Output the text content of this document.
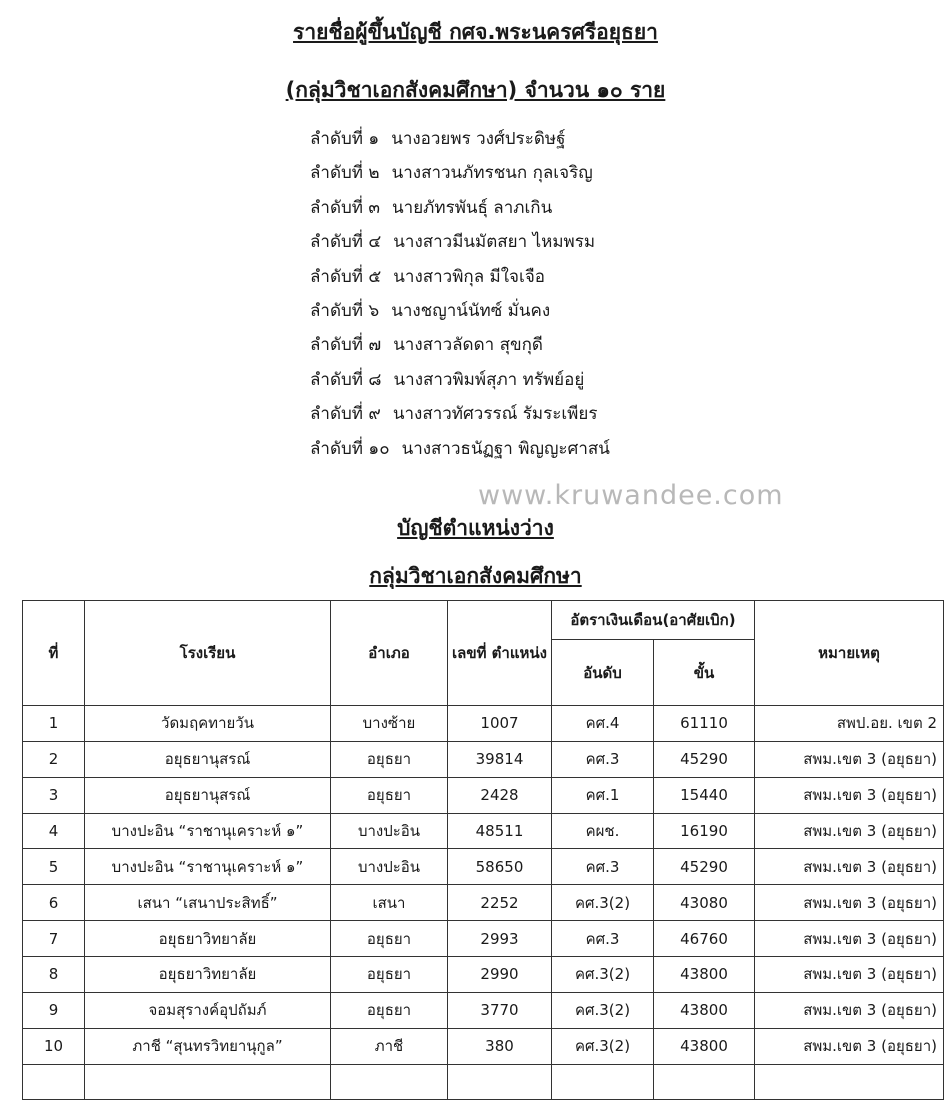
รายชื่อผู้ขึ้นบัญชี กศจ.พระนครศรีอยุธยา
(กลุ่มวิชาเอกสังคมศึกษา) จำนวน ๑๐ ราย
ลำดับที่ ๑ นางอวยพร วงศ์ประดิษฐ์
ลำดับที่ ๒ นางสาวนภัทรชนก กุลเจริญ
ลำดับที่ ๓ นายภัทรพันธุ์ ลาภเกิน
ลำดับที่ ๔ นางสาวมีนมัตสยา ไหมพรม
ลำดับที่ ๕ นางสาวพิกุล มีใจเจือ
ลำดับที่ ๖ นางชญาน์นัทซ์ มั่นคง
ลำดับที่ ๗ นางสาวลัดดา สุขกุดี
ลำดับที่ ๘ นางสาวพิมพ์สุภา ทรัพย์อยู่
ลำดับที่ ๙ นางสาวทัศวรรณ์ รัมระเพียร
ลำดับที่ ๑๐ นางสาวธนัฏฐา พิญญะศาสน์
www.kruwandee.com
บัญชีตำแหน่งว่าง
กลุ่มวิชาเอกสังคมศึกษา
ที่	โรงเรียน	อำเภอ	เลขที่ ตำแหน่ง	อัตราเงินเดือน(อาศัยเบิก)		หมายเหตุ
				อันดับ	ขั้น	
1	วัดมฤคทายวัน	บางซ้าย	1007	คศ.4	61110	สพป.อย. เขต 2
2	อยุธยานุสรณ์	อยุธยา	39814	คศ.3	45290	สพม.เขต 3 (อยุธยา)
3	อยุธยานุสรณ์	อยุธยา	2428	คศ.1	15440	สพม.เขต 3 (อยุธยา)
4	บางปะอิน “ราชานุเคราะห์ ๑”	บางปะอิน	48511	คผช.	16190	สพม.เขต 3 (อยุธยา)
5	บางปะอิน “ราชานุเคราะห์ ๑”	บางปะอิน	58650	คศ.3	45290	สพม.เขต 3 (อยุธยา)
6	เสนา “เสนาประสิทธิ์”	เสนา	2252	คศ.3(2)	43080	สพม.เขต 3 (อยุธยา)
7	อยุธยาวิทยาลัย	อยุธยา	2993	คศ.3	46760	สพม.เขต 3 (อยุธยา)
8	อยุธยาวิทยาลัย	อยุธยา	2990	คศ.3(2)	43800	สพม.เขต 3 (อยุธยา)
9	จอมสุรางค์อุปถัมภ์	อยุธยา	3770	คศ.3(2)	43800	สพม.เขต 3 (อยุธยา)
10	ภาชี “สุนทรวิทยานุกูล”	ภาชี	380	คศ.3(2)	43800	สพม.เขต 3 (อยุธยา)
